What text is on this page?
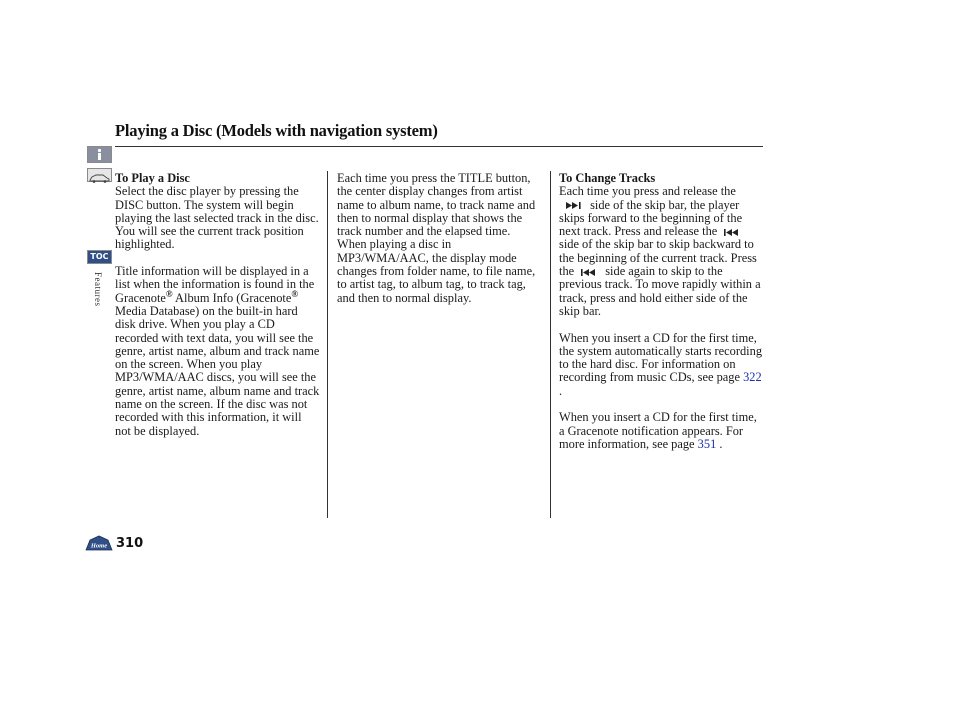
Playing a Disc (Models with navigation system)
TOC
Features

To Play a Disc

Select the disc player by pressing the DISC button. The system will begin playing the last selected track in the disc. You will see the current track position highlighted.

Title information will be displayed in a list when the information is found in the Gracenote® Album Info (Gracenote® Media Database) on the built-in hard disk drive. When you play a CD recorded with text data, you will see the genre, artist name, album and track name on the screen. When you play MP3/WMA/AAC discs, you will see the genre, artist name, album name and track name on the screen. If the disc was not recorded with this information, it will not be displayed.

Each time you press the TITLE button, the center display changes from artist name to album name, to track name and then to normal display that shows the track number and the elapsed time. When playing a disc in MP3/WMA/AAC, the display mode changes from folder name, to file name, to artist tag, to album tag, to track tag, and then to normal display.

To Change Tracks

Each time you press and release the side of the skip bar, the player skips forward to the beginning of the next track. Press and release the side of the skip bar to skip backward to the beginning of the current track. Press the side again to skip to the previous track. To move rapidly within a track, press and hold either side of the skip bar.

When you insert a CD for the first time, the system automatically starts recording to the hard disc. For information on recording from music CDs, see page 322 .

When you insert a CD for the first time, a Gracenote notification appears. For more information, see page 351 .

Home 310
